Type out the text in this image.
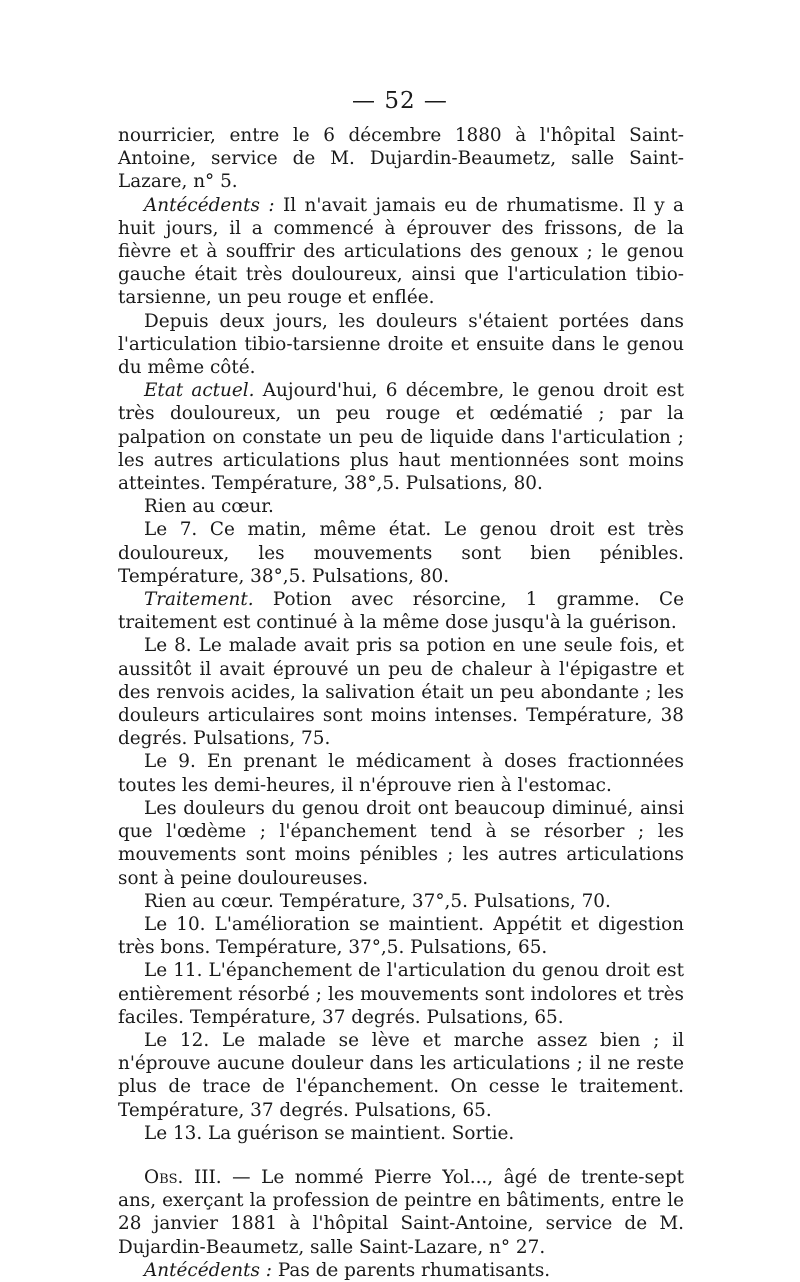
— 52 —

nourricier, entre le 6 décembre 1880 à l'hôpital Saint-Antoine, service de M. Dujardin-Beaumetz, salle Saint-Lazare, n° 5.

Antécédents : Il n'avait jamais eu de rhumatisme. Il y a huit jours, il a commencé à éprouver des frissons, de la fièvre et à souffrir des articulations des genoux ; le genou gauche était très douloureux, ainsi que l'articulation tibio-tarsienne, un peu rouge et enflée.

Depuis deux jours, les douleurs s'étaient portées dans l'articulation tibio-tarsienne droite et ensuite dans le genou du même côté.

Etat actuel. Aujourd'hui, 6 décembre, le genou droit est très douloureux, un peu rouge et œdématié ; par la palpation on constate un peu de liquide dans l'articulation ; les autres articulations plus haut mentionnées sont moins atteintes. Température, 38°,5. Pulsations, 80.

Rien au cœur.

Le 7. Ce matin, même état. Le genou droit est très douloureux, les mouvements sont bien pénibles. Température, 38°,5. Pulsations, 80.

Traitement. Potion avec résorcine, 1 gramme. Ce traitement est continué à la même dose jusqu'à la guérison.

Le 8. Le malade avait pris sa potion en une seule fois, et aussitôt il avait éprouvé un peu de chaleur à l'épigastre et des renvois acides, la salivation était un peu abondante ; les douleurs articulaires sont moins intenses. Température, 38 degrés. Pulsations, 75.

Le 9. En prenant le médicament à doses fractionnées toutes les demi-heures, il n'éprouve rien à l'estomac.

Les douleurs du genou droit ont beaucoup diminué, ainsi que l'œdème ; l'épanchement tend à se résorber ; les mouvements sont moins pénibles ; les autres articulations sont à peine douloureuses.

Rien au cœur. Température, 37°,5. Pulsations, 70.

Le 10. L'amélioration se maintient. Appétit et digestion très bons. Température, 37°,5. Pulsations, 65.

Le 11. L'épanchement de l'articulation du genou droit est entièrement résorbé ; les mouvements sont indolores et très faciles. Température, 37 degrés. Pulsations, 65.

Le 12. Le malade se lève et marche assez bien ; il n'éprouve aucune douleur dans les articulations ; il ne reste plus de trace de l'épanchement. On cesse le traitement. Température, 37 degrés. Pulsations, 65.

Le 13. La guérison se maintient. Sortie.

Obs. III. — Le nommé Pierre Yol..., âgé de trente-sept ans, exerçant la profession de peintre en bâtiments, entre le 28 janvier 1881 à l'hôpital Saint-Antoine, service de M. Dujardin-Beaumetz, salle Saint-Lazare, n° 27.

Antécédents : Pas de parents rhumatisants.
